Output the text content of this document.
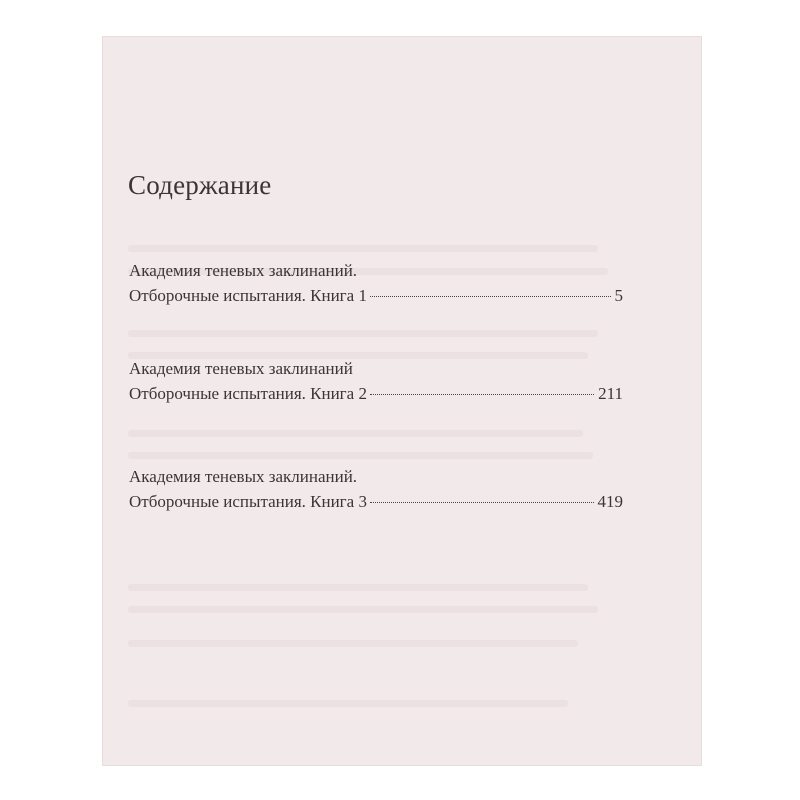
Содержание
Академия теневых заклинаний.
Отборочные испытания. Книга 1	5
Академия теневых заклинаний
Отборочные испытания. Книга 2	211
Академия теневых заклинаний.
Отборочные испытания. Книга 3	419
